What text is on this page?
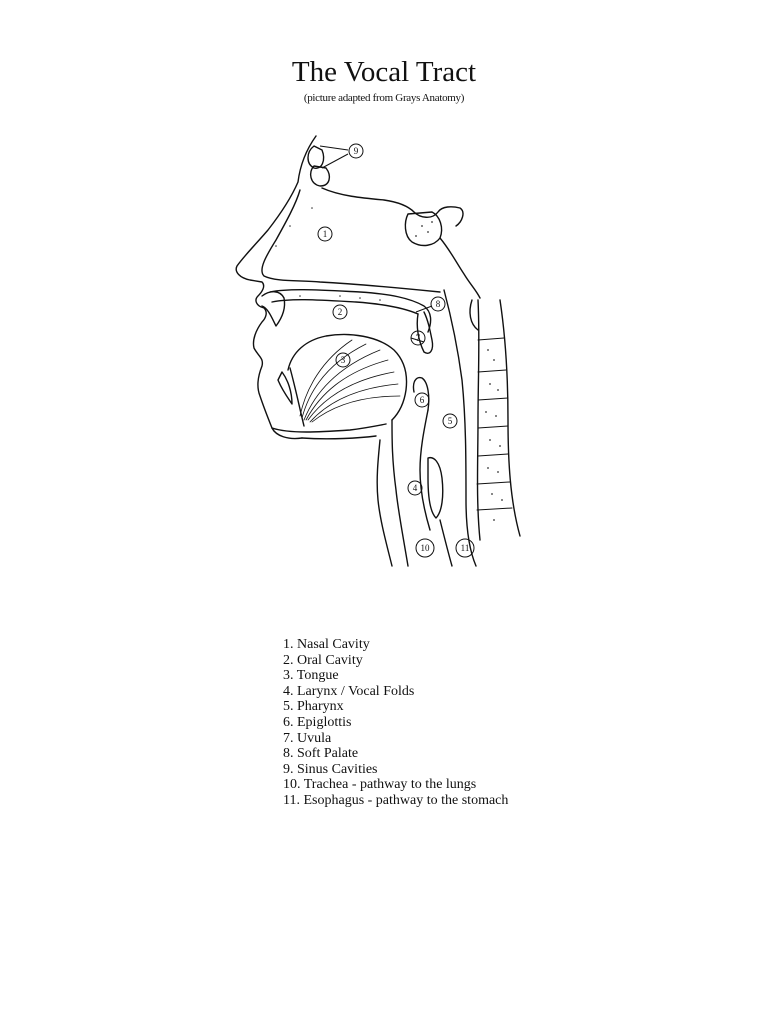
The Vocal Tract
(picture adapted from Grays Anatomy)
9
1
8
2
7
3
6
5
4
10	11
1. Nasal Cavity
2. Oral Cavity
3. Tongue
4. Larynx / Vocal Folds
5. Pharynx
6. Epiglottis
7. Uvula
8. Soft Palate
9. Sinus Cavities
10. Trachea - pathway to the lungs
11. Esophagus - pathway to the stomach
